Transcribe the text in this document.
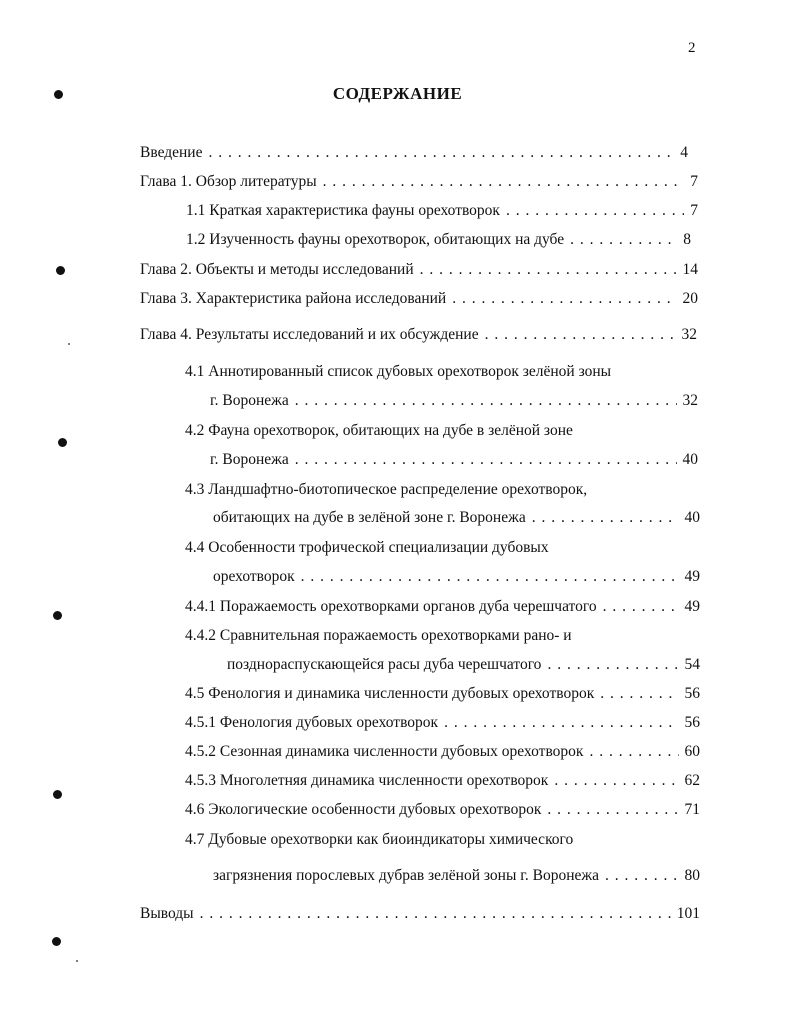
2
СОДЕРЖАНИЕ
Введение . . .	4
Глава 1. Обзор литературы . . .	7
1.1 Краткая характеристика фауны орехотворок . . .	7
1.2 Изученность фауны орехотворок, обитающих на дубе . . .	8
Глава 2. Объекты и методы исследований . . .	14
Глава 3. Характеристика района исследований . . .	20
Глава 4. Результаты исследований и их обсуждение . . .	32
4.1 Аннотированный список дубовых орехотворок зелёной зоны
г. Воронежа . . .	32
4.2 Фауна орехотворок, обитающих на дубе в зелёной зоне
г. Воронежа . . .	40
4.3 Ландшафтно-биотопическое распределение орехотворок,
обитающих на дубе в зелёной зоне г. Воронежа . . .	40
4.4 Особенности трофической специализации дубовых
орехотворок . . .	49
4.4.1 Поражаемость орехотворками органов дуба черешчатого . . .	49
4.4.2 Сравнительная поражаемость орехотворками рано- и
позднораспускающейся расы дуба черешчатого . . .	54
4.5 Фенология и динамика численности дубовых орехотворок . . .	56
4.5.1 Фенология дубовых орехотворок . . .	56
4.5.2 Сезонная динамика численности дубовых орехотворок . . .	60
4.5.3 Многолетняя динамика численности орехотворок . . .	62
4.6 Экологические особенности дубовых орехотворок . . .	71
4.7 Дубовые орехотворки как биоиндикаторы химического
загрязнения порослевых дубрав зелёной зоны г. Воронежа . . .	80
Выводы . . .	101
